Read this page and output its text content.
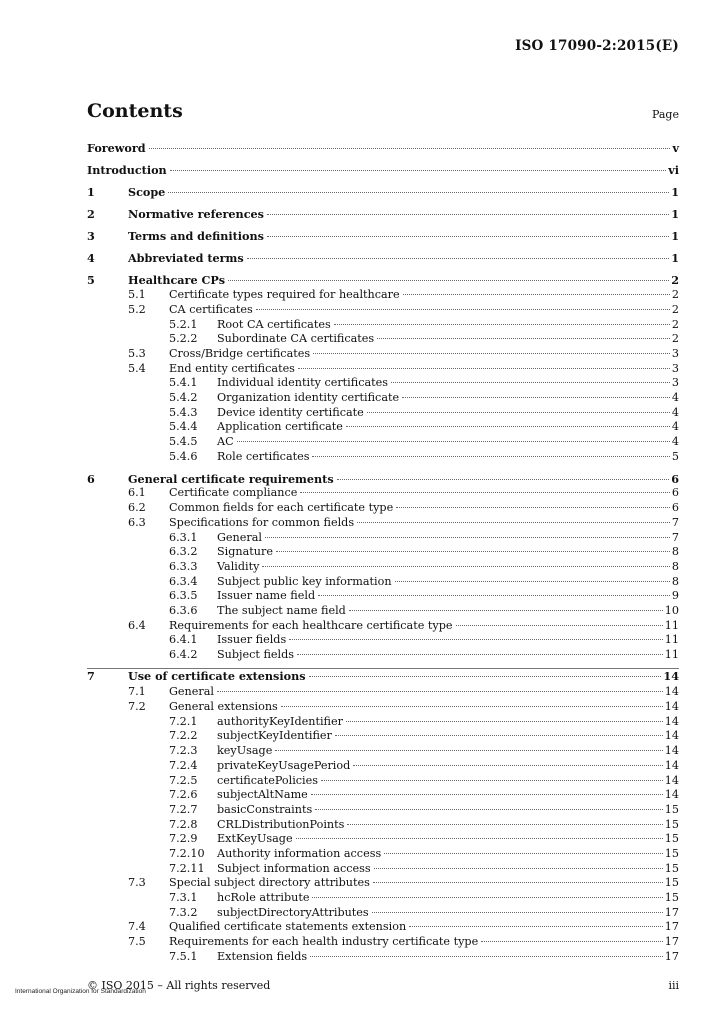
ISO 17090-2:2015(E)
Contents	Page
Foreword	v
Introduction	vi
1	Scope	1
2	Normative references	1
3	Terms and definitions	1
4	Abbreviated terms	1
5	Healthcare CPs	2
5.1 Certificate types required for healthcare	2
5.2 CA certificates	2
5.2.1 Root CA certificates	2
5.2.2 Subordinate CA certificates	2
5.3 Cross/Bridge certificates	3
5.4 End entity certificates	3
5.4.1 Individual identity certificates	3
5.4.2 Organization identity certificate	4
5.4.3 Device identity certificate	4
5.4.4 Application certificate	4
5.4.5 AC	4
5.4.6 Role certificates	5
6	General certificate requirements	6
6.1 Certificate compliance	6
6.2 Common fields for each certificate type	6
6.3 Specifications for common fields	7
6.3.1 General	7
6.3.2 Signature	8
6.3.3 Validity	8
6.3.4 Subject public key information	8
6.3.5 Issuer name field	9
6.3.6 The subject name field	10
6.4 Requirements for each healthcare certificate type	11
6.4.1 Issuer fields	11
6.4.2 Subject fields	11
7	Use of certificate extensions	14
7.1 General	14
7.2 General extensions	14
7.2.1 authorityKeyIdentifier	14
7.2.2 subjectKeyIdentifier	14
7.2.3 keyUsage	14
7.2.4 privateKeyUsagePeriod	14
7.2.5 certificatePolicies	14
7.2.6 subjectAltName	14
7.2.7 basicConstraints	15
7.2.8 CRLDistributionPoints	15
7.2.9 ExtKeyUsage	15
7.2.10 Authority information access	15
7.2.11 Subject information access	15
7.3 Special subject directory attributes	15
7.3.1 hcRole attribute	15
7.3.2 subjectDirectoryAttributes	17
7.4 Qualified certificate statements extension	17
7.5 Requirements for each health industry certificate type	17
7.5.1 Extension fields	17
© ISO 2015 – All rights reserved	iii
International Organization for Standardization
